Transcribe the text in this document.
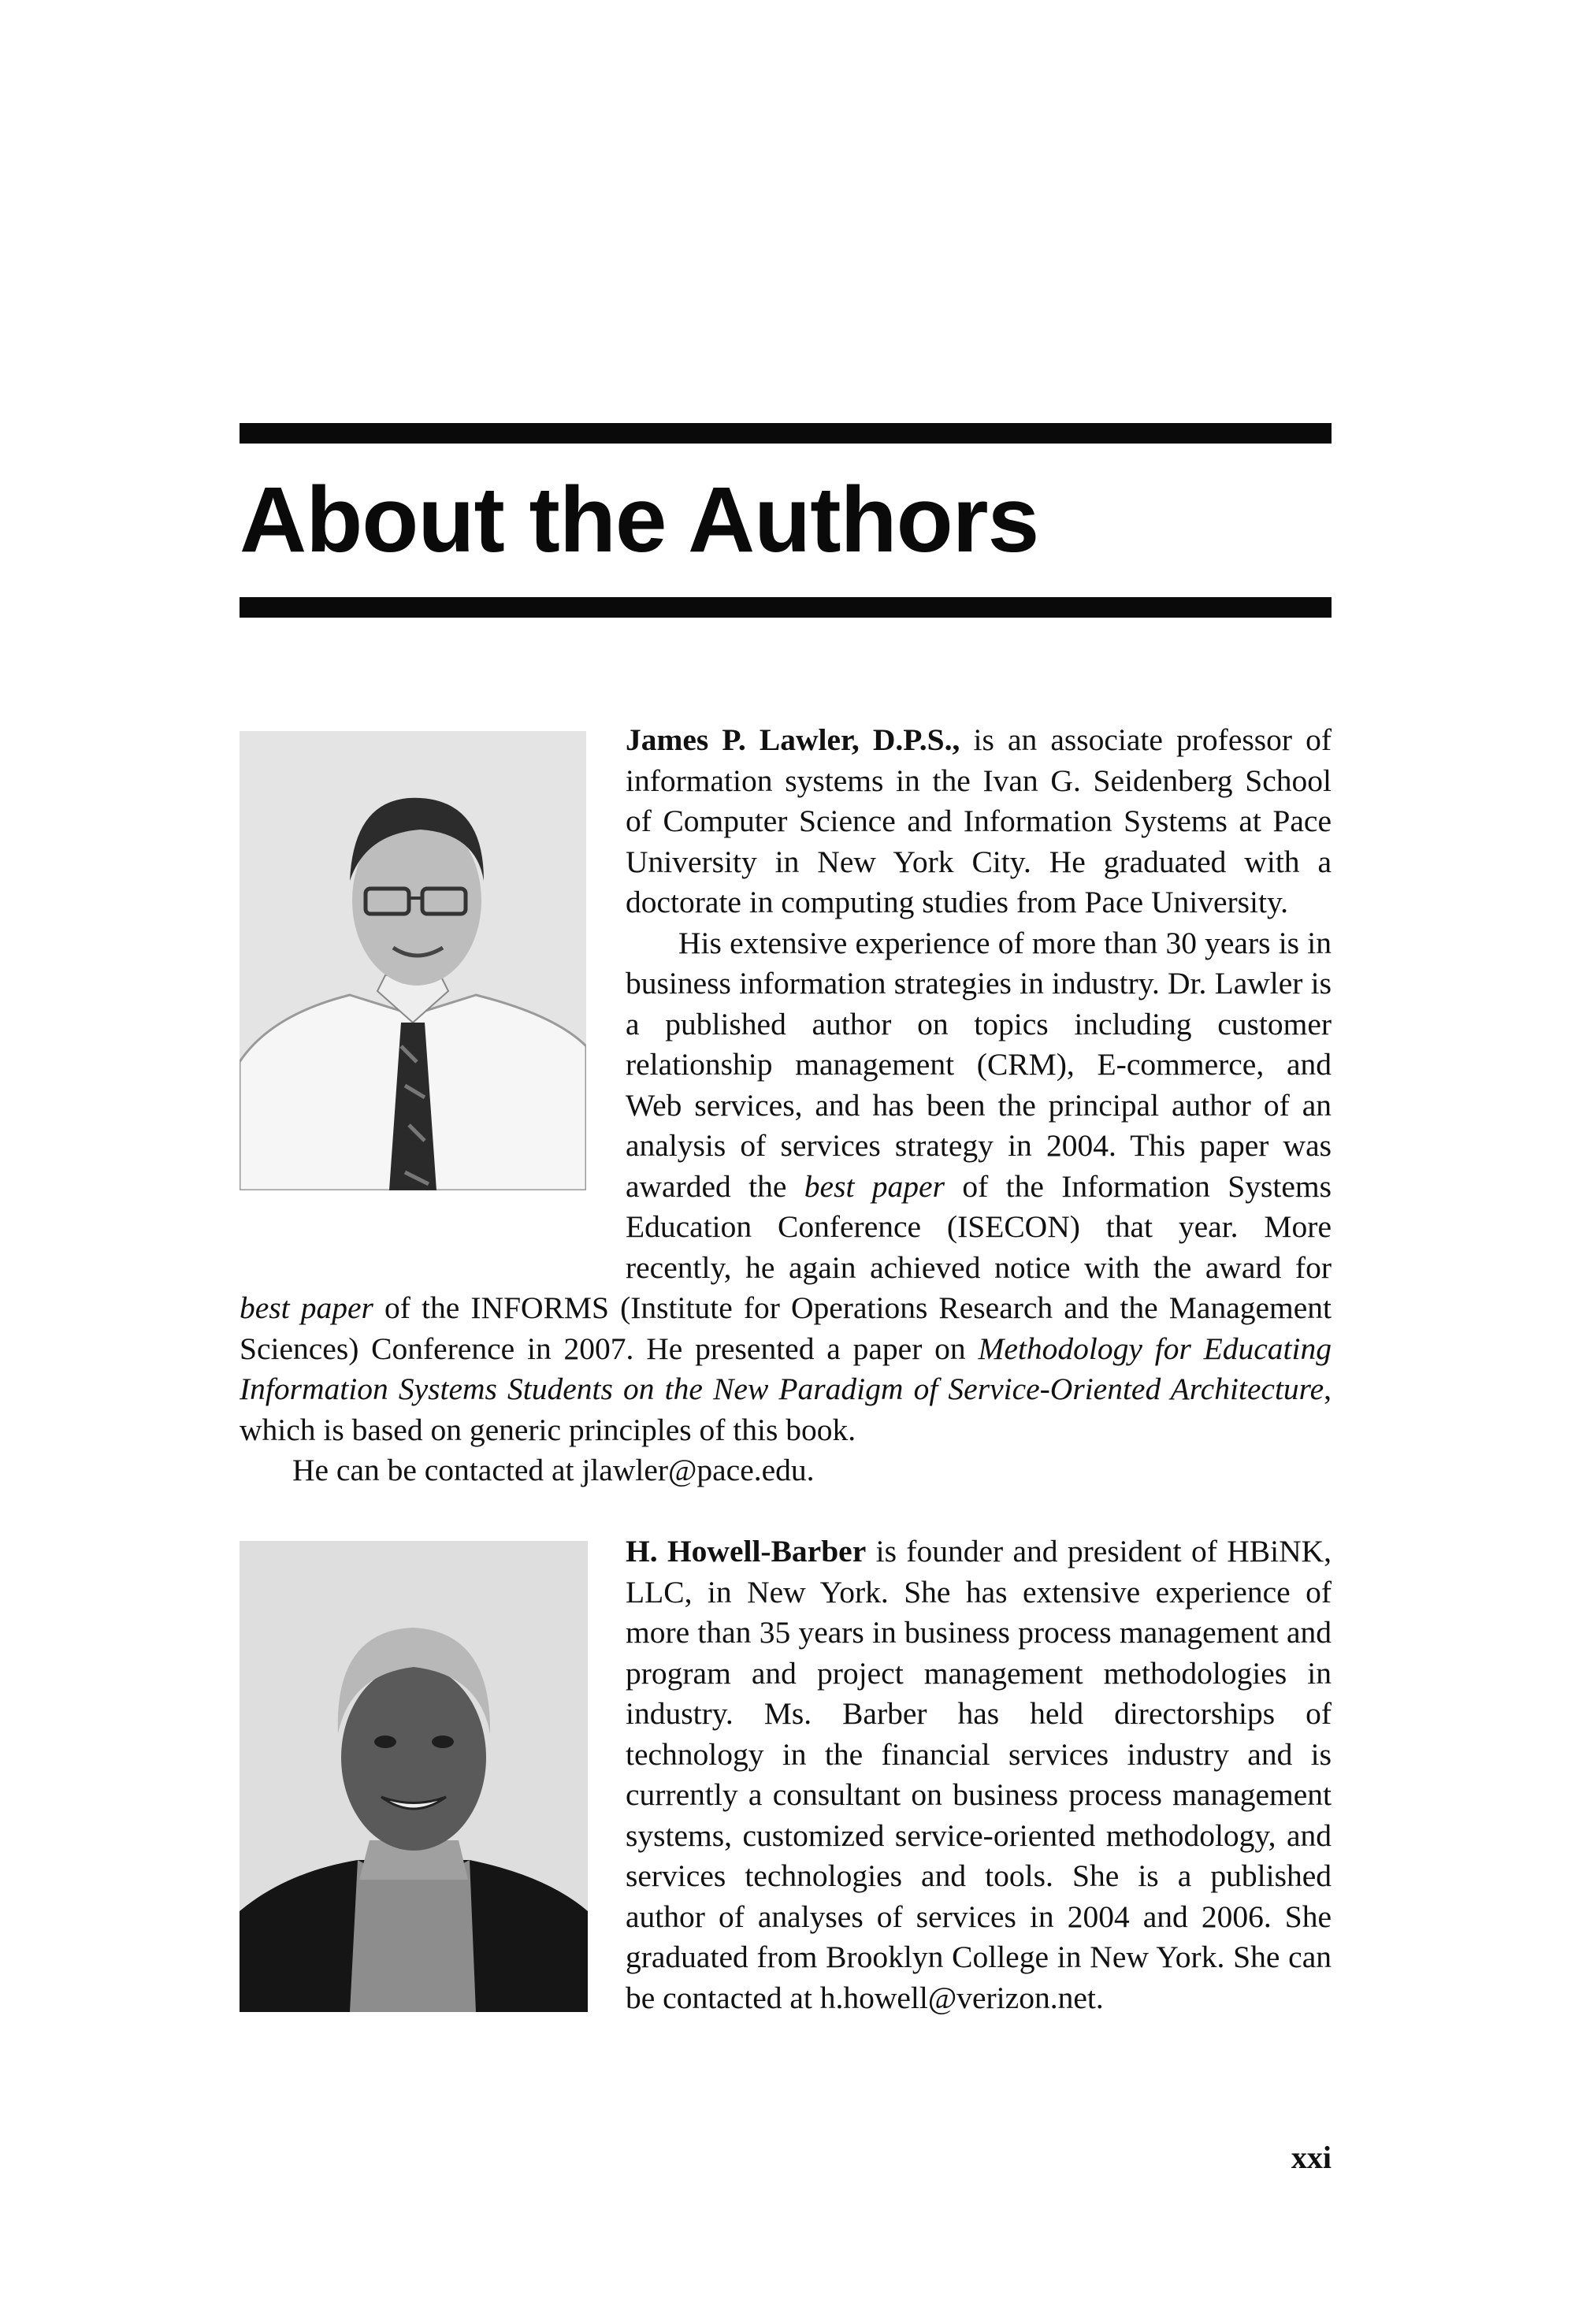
About the Authors

James P. Lawler, D.P.S., is an associate professor of information systems in the Ivan G. Seidenberg School of Computer Science and Information Systems at Pace University in New York City. He graduated with a doctorate in computing studies from Pace University.

His extensive experience of more than 30 years is in business information strategies in industry. Dr. Lawler is a published author on topics including customer relationship management (CRM), E-commerce, and Web services, and has been the principal author of an analysis of services strategy in 2004. This paper was awarded the best paper of the Information Systems Education Conference (ISECON) that year. More recently, he again achieved notice with the award for best paper of the INFORMS (Institute for Operations Research and the Management Sciences) Conference in 2007. He presented a paper on Methodology for Educating Information Systems Students on the New Paradigm of Service-Oriented Architecture, which is based on generic principles of this book.

He can be contacted at jlawler@pace.edu.

H. Howell-Barber is founder and president of HBiNK, LLC, in New York. She has extensive experience of more than 35 years in business process management and program and project management methodologies in industry. Ms. Barber has held directorships of technology in the financial services industry and is currently a consultant on business process management systems, customized service-oriented methodology, and services technologies and tools. She is a published author of analyses of services in 2004 and 2006. She graduated from Brooklyn College in New York. She can be contacted at h.howell@verizon.net.

xxi
